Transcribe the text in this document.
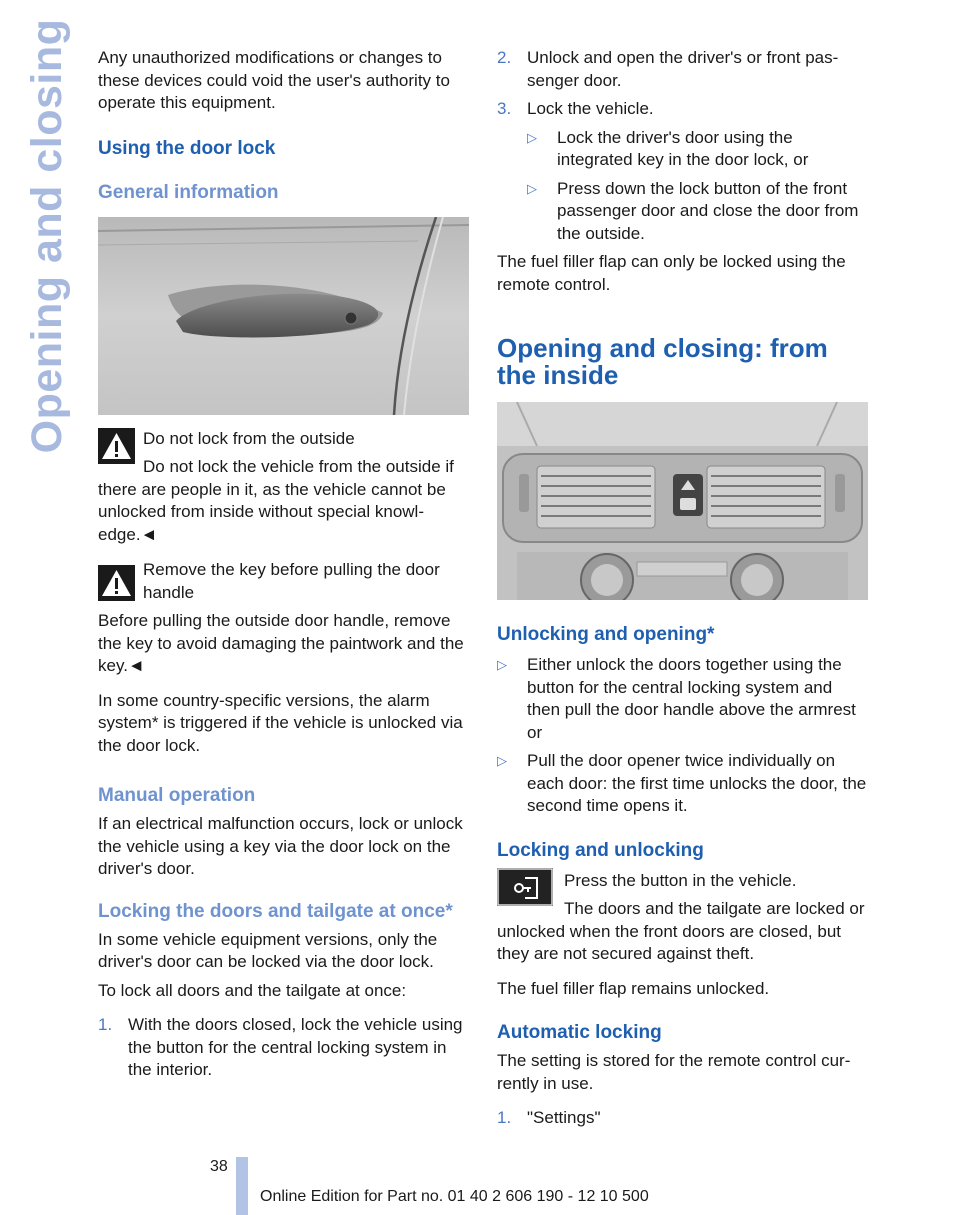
Opening and closing Any unauthorized modifications or changes to these devices could void the user's authority to operate this equipment.

Using the door lock
General information

Do not lock from the outside

Do not lock the vehicle from the outside if there are people in it, as the vehicle cannot be unlocked from inside without special knowl-edge.◄

Remove the key before pulling the door handle

Before pulling the outside door handle, remove the key to avoid damaging the paintwork and the key.◄

In some country-specific versions, the alarm system* is triggered if the vehicle is unlocked via the door lock.

Manual operation

If an electrical malfunction occurs, lock or unlock the vehicle using a key via the door lock on the driver's door.

Locking the doors and tailgate at once*

In some vehicle equipment versions, only the driver's door can be locked via the door lock.

To lock all doors and the tailgate at once:

1. With the doors closed, lock the vehicle using the button for the central locking system in the interior.

2. Unlock and open the driver's or front pas-senger door.

3. Lock the vehicle.

▷	Lock the driver's door using the integrated key in the door lock, or

▷	Press down the lock button of the front passenger door and close the door from the outside.

The fuel filler flap can only be locked using the remote control.

Opening and closing: from the inside
Unlocking and opening*
▷	Either unlock the doors together using the button for the central locking system and then pull the door handle above the armrest or

▷	Pull the door opener twice individually on each door: the first time unlocks the door, the second time opens it.

Locking and unlocking

Press the button in the vehicle.

The doors and the tailgate are locked or unlocked when the front doors are closed, but they are not secured against theft.

The fuel filler flap remains unlocked.

Automatic locking

The setting is stored for the remote control cur-rently in use.

1. "Settings"

38
Online Edition for Part no. 01 40 2 606 190 - 12 10 500
